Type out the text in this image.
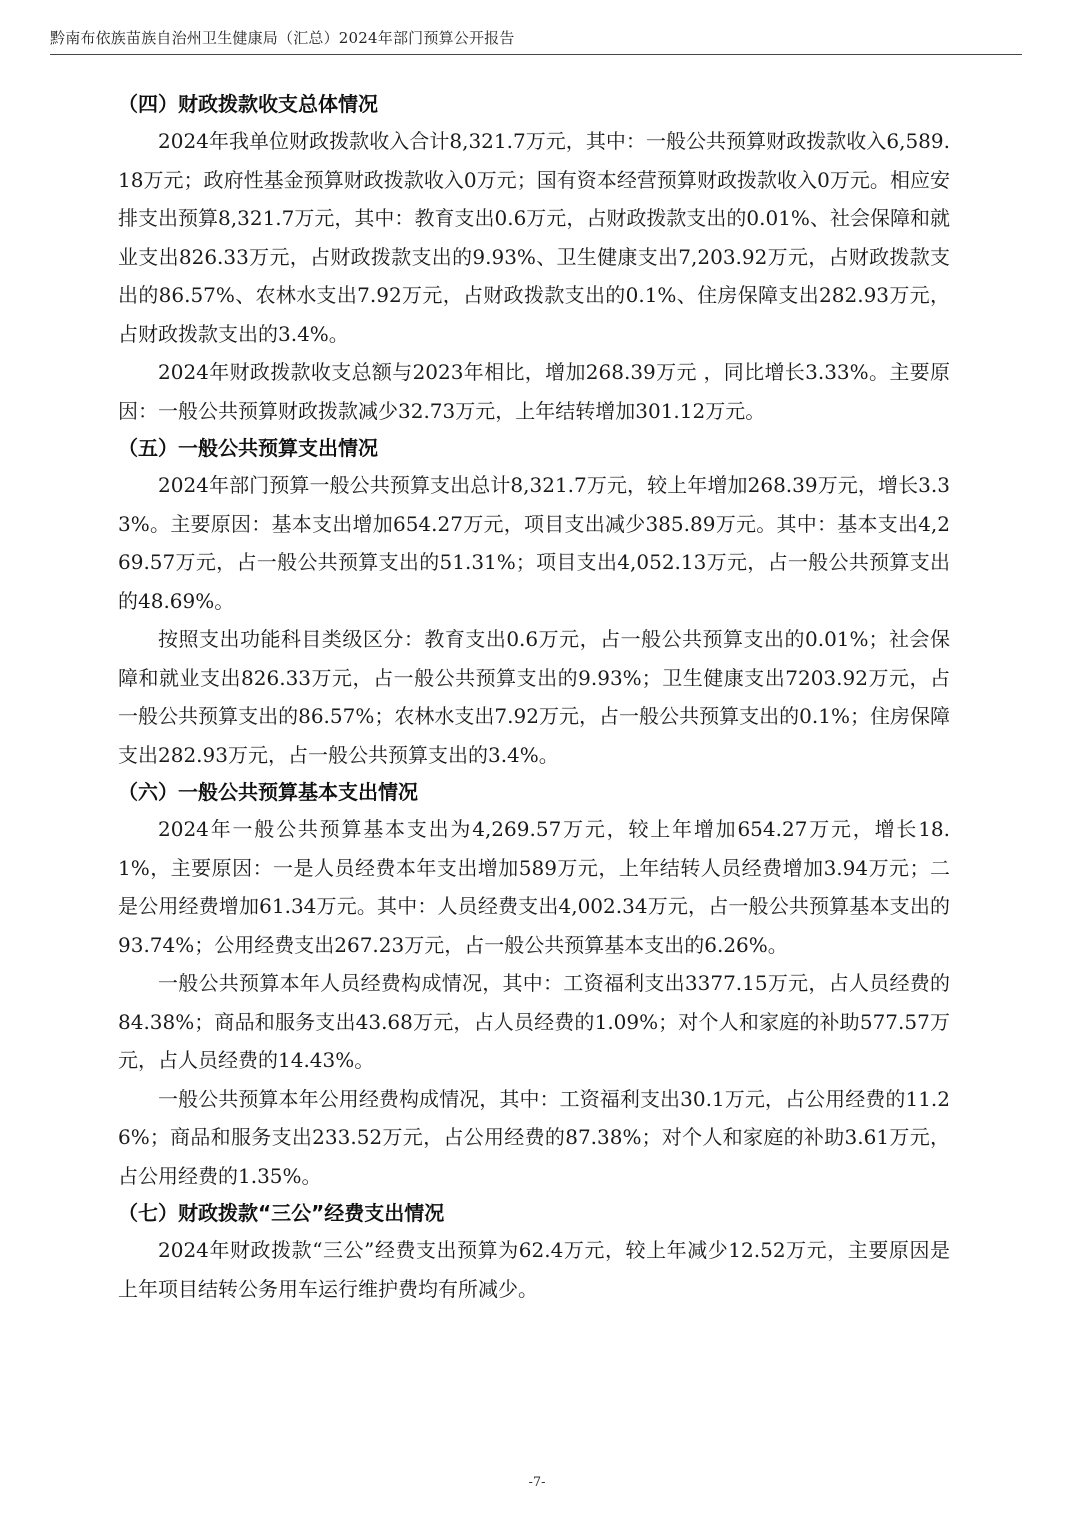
黔南布依族苗族自治州卫生健康局（汇总）2024年部门预算公开报告
（四）财政拨款收支总体情况

2024年我单位财政拨款收入合计8,321.7万元，其中：一般公共预算财政拨款收入6,589.18万元；政府性基金预算财政拨款收入0万元；国有资本经营预算财政拨款收入0万元。相应安排支出预算8,321.7万元，其中：教育支出0.6万元，占财政拨款支出的0.01%、社会保障和就业支出826.33万元，占财政拨款支出的9.93%、卫生健康支出7,203.92万元，占财政拨款支出的86.57%、农林水支出7.92万元，占财政拨款支出的0.1%、住房保障支出282.93万元，占财政拨款支出的3.4%。

2024年财政拨款收支总额与2023年相比，增加268.39万元 ，同比增长3.33%。主要原因：一般公共预算财政拨款减少32.73万元，上年结转增加301.12万元。

（五）一般公共预算支出情况

2024年部门预算一般公共预算支出总计8,321.7万元，较上年增加268.39万元，增长3.33%。主要原因：基本支出增加654.27万元，项目支出减少385.89万元。其中：基本支出4,269.57万元，占一般公共预算支出的51.31%；项目支出4,052.13万元，占一般公共预算支出的48.69%。

按照支出功能科目类级区分：教育支出0.6万元，占一般公共预算支出的0.01%；社会保障和就业支出826.33万元，占一般公共预算支出的9.93%；卫生健康支出7203.92万元，占一般公共预算支出的86.57%；农林水支出7.92万元，占一般公共预算支出的0.1%；住房保障支出282.93万元，占一般公共预算支出的3.4%。

（六）一般公共预算基本支出情况

2024年一般公共预算基本支出为4,269.57万元，较上年增加654.27万元，增长18.1%，主要原因：一是人员经费本年支出增加589万元，上年结转人员经费增加3.94万元；二是公用经费增加61.34万元。其中：人员经费支出4,002.34万元，占一般公共预算基本支出的93.74%；公用经费支出267.23万元，占一般公共预算基本支出的6.26%。

一般公共预算本年人员经费构成情况，其中：工资福利支出3377.15万元，占人员经费的84.38%；商品和服务支出43.68万元，占人员经费的1.09%；对个人和家庭的补助577.57万元，占人员经费的14.43%。

一般公共预算本年公用经费构成情况，其中：工资福利支出30.1万元，占公用经费的11.26%；商品和服务支出233.52万元，占公用经费的87.38%；对个人和家庭的补助3.61万元，占公用经费的1.35%。

（七）财政拨款“三公”经费支出情况

2024年财政拨款“三公”经费支出预算为62.4万元，较上年减少12.52万元，主要原因是上年项目结转公务用车运行维护费均有所减少。

-7-
